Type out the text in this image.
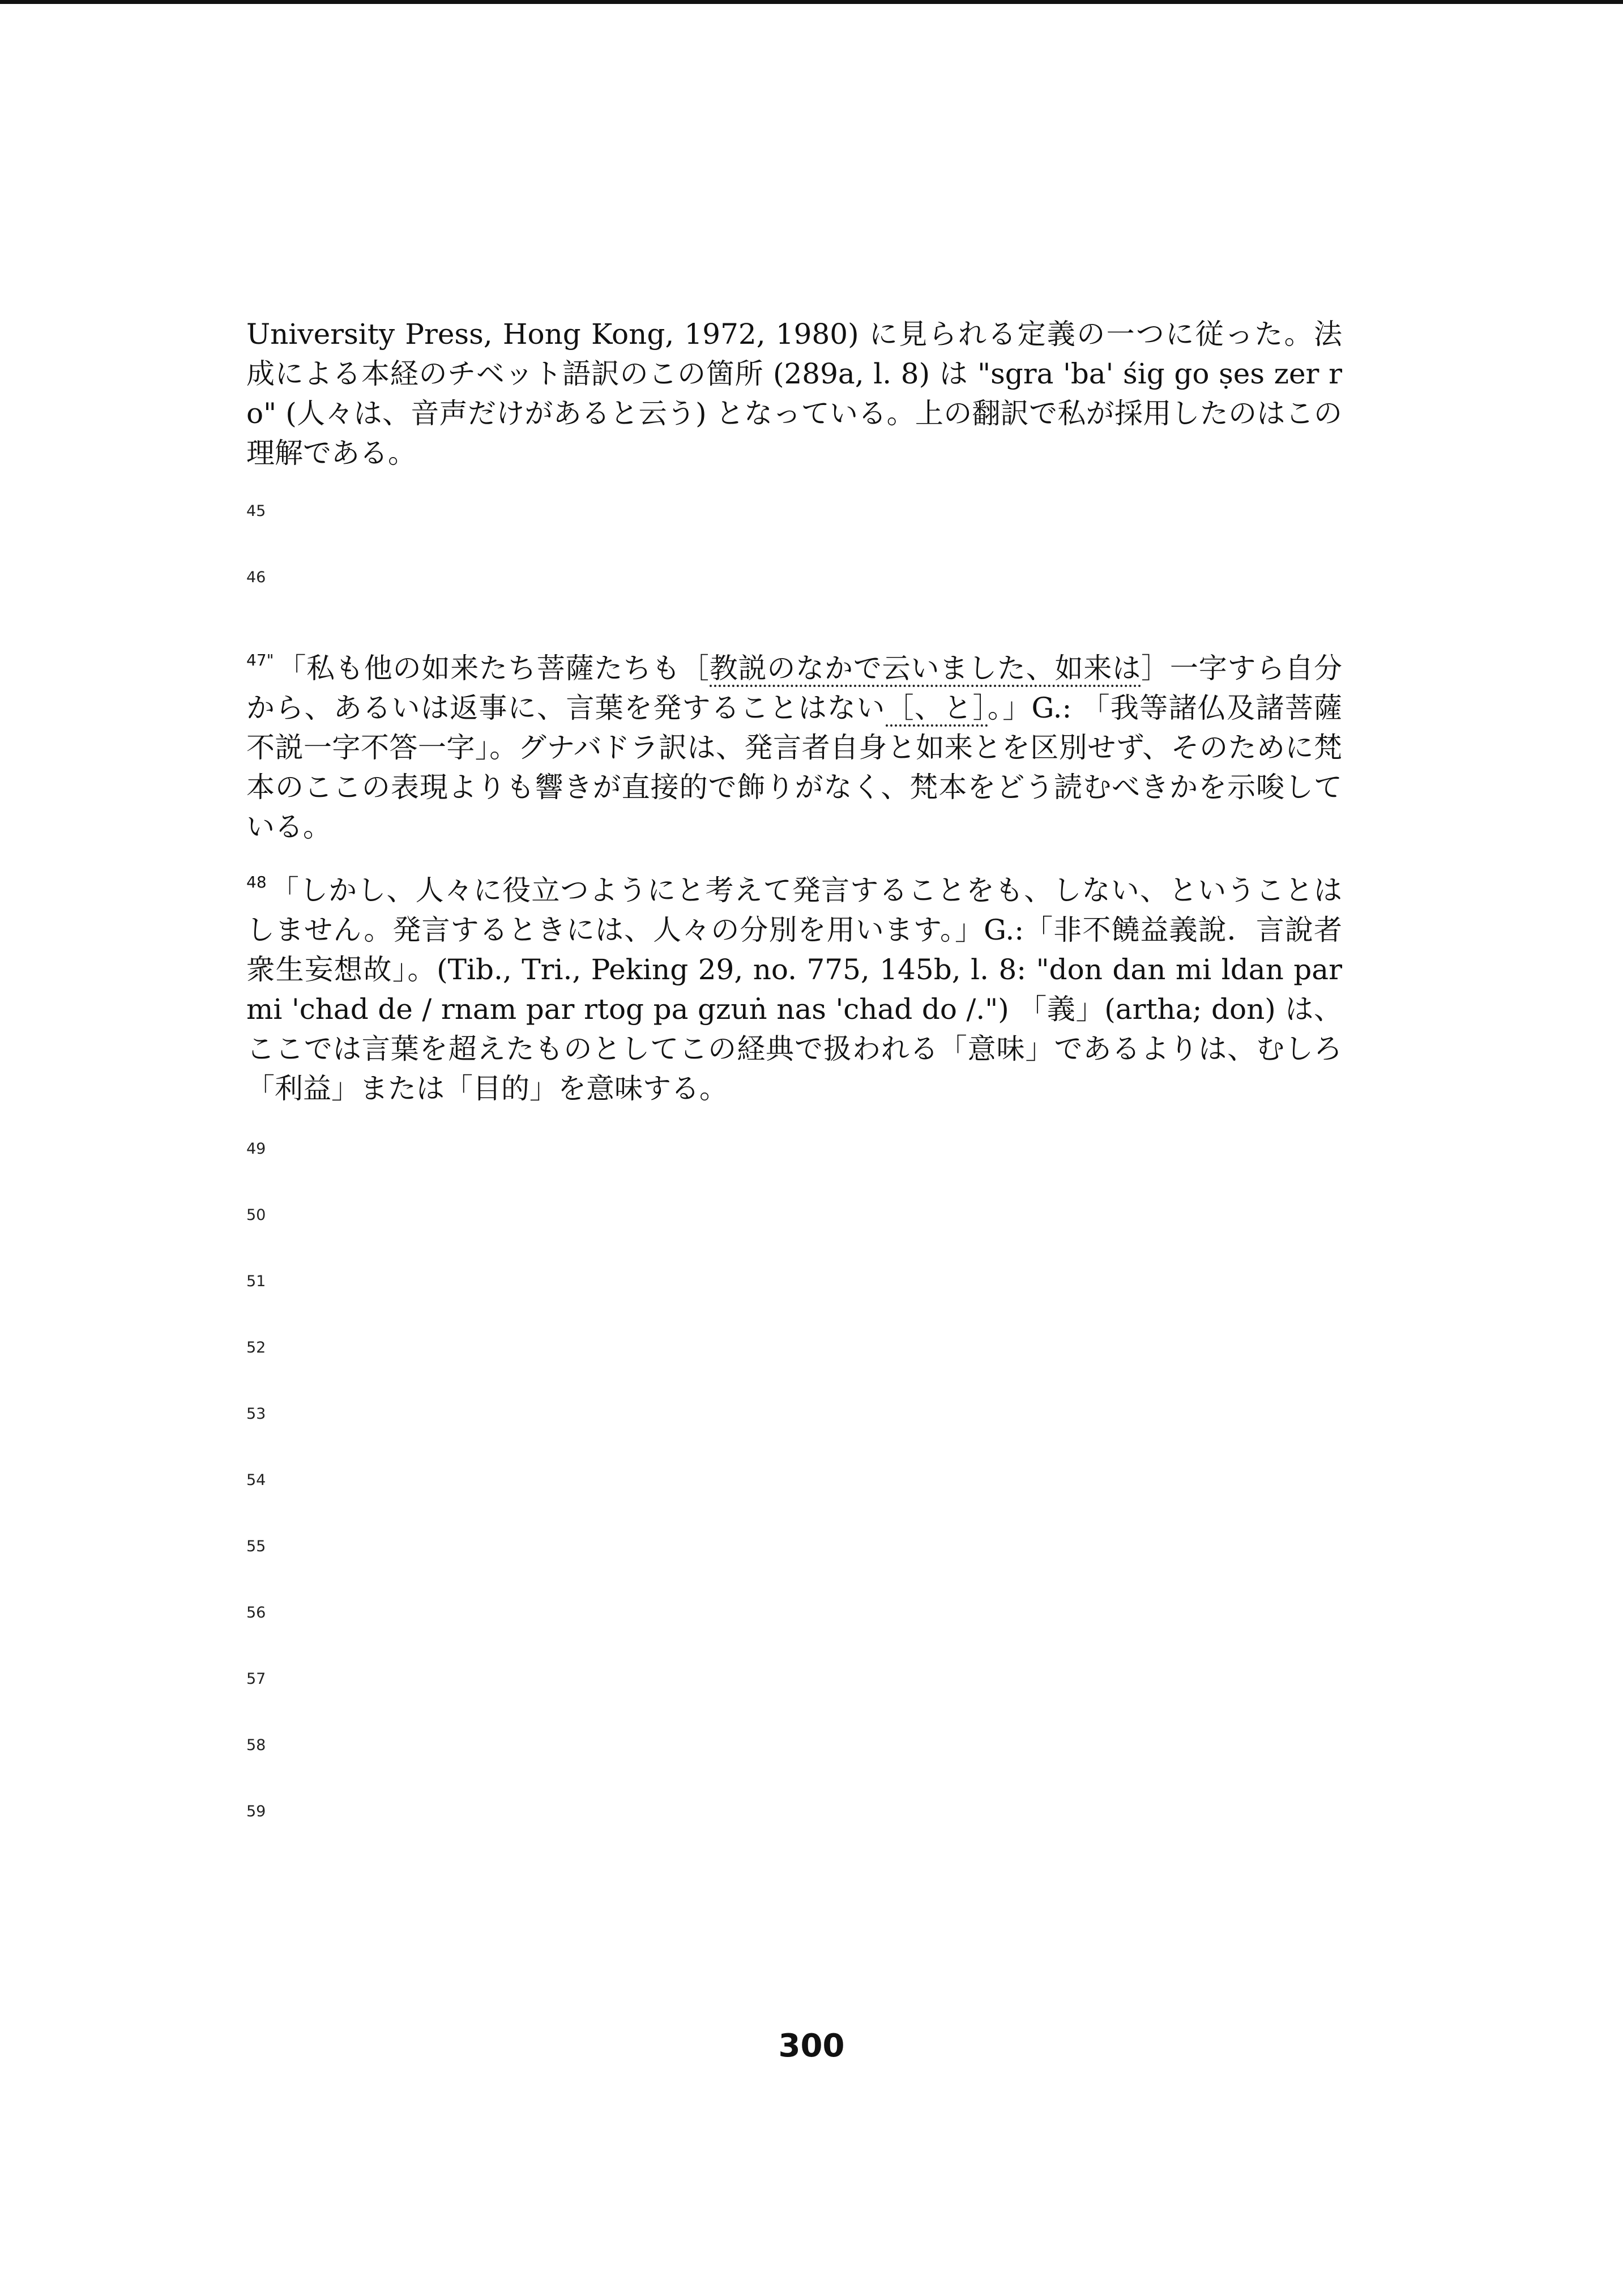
University Press, Hong Kong, 1972, 1980) に見られる定義の一つに従った。法成による本経のチベット語訳のこの箇所 (289a, l. 8) は "sgra 'ba' śig go ṣes zer ro" (人々は、音声だけがあると云う) となっている。上の翻訳で私が採用したのはこの理解である。

45
46

$^{47"}$ 「私も他の如来たち菩薩たちも［教説のなかで云いました、如来は］一字すら自分から、あるいは返事に、言葉を発することはない［、と］。」G.: 「我等諸仏及諸菩薩不説一字不答一字」。グナバドラ訳は、発言者自身と如来とを区別せず、そのために梵本のここの表現よりも響きが直接的で飾りがなく、梵本をどう読むべきかを示唆している。

$^{48}$ 「しかし、人々に役立つようにと考えて発言することをも、しない、ということはしません。発言するときには、人々の分別を用います。」G.:「非不饒益義說．言說者衆生妄想故」。(Tib., Tri., Peking 29, no. 775, 145b, l. 8: "don dan mi ldan par mi 'chad de / rnam par rtog pa gzuṅ nas 'chad do /.") 「義」(artha; don) は、ここでは言葉を超えたものとしてこの経典で扱われる「意味」であるよりは、むしろ「利益」または「目的」を意味する。

49
50
51
52
53
54
55
56
57
58
59
300
